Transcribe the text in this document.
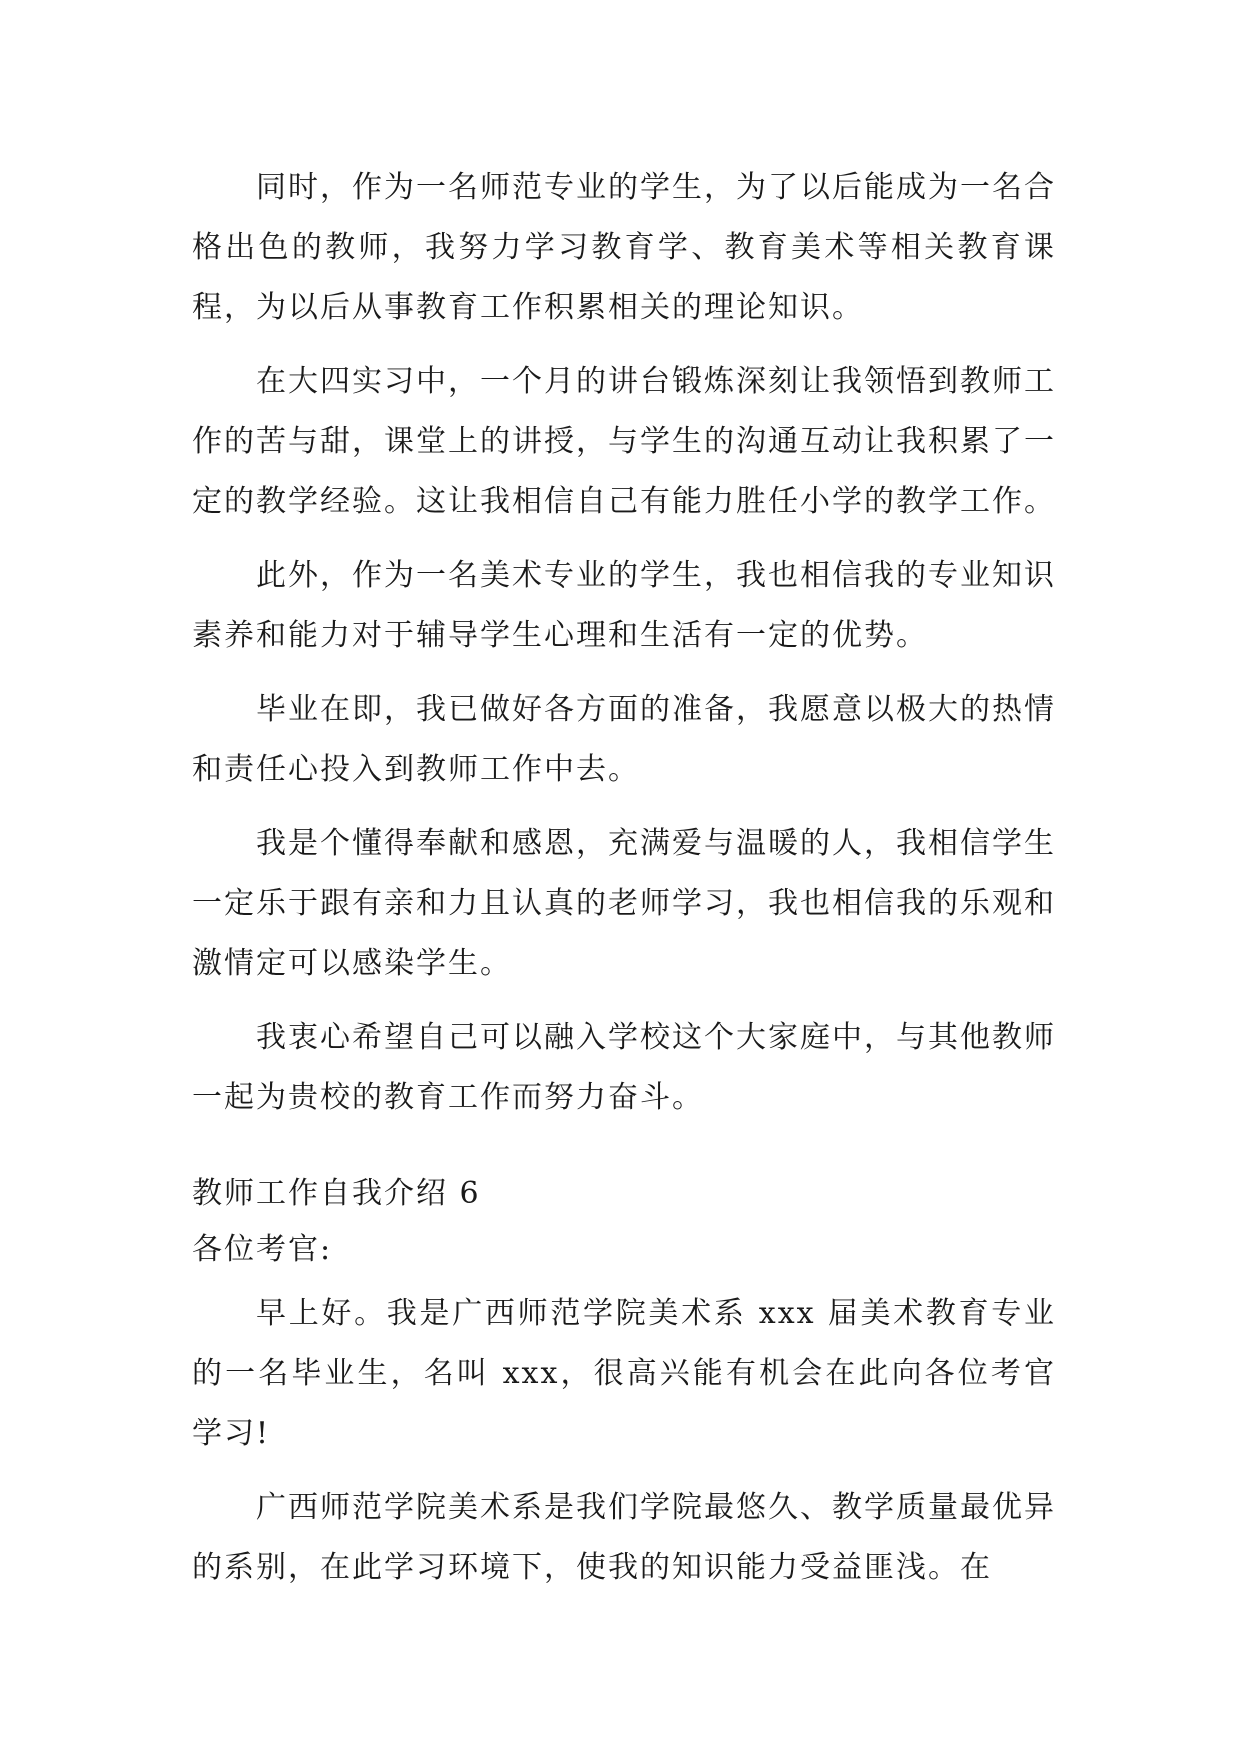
同时，作为一名师范专业的学生，为了以后能成为一名合格出色的教师，我努力学习教育学、教育美术等相关教育课程，为以后从事教育工作积累相关的理论知识。

在大四实习中，一个月的讲台锻炼深刻让我领悟到教师工作的苦与甜，课堂上的讲授，与学生的沟通互动让我积累了一定的教学经验。这让我相信自己有能力胜任小学的教学工作。

此外，作为一名美术专业的学生，我也相信我的专业知识素养和能力对于辅导学生心理和生活有一定的优势。

毕业在即，我已做好各方面的准备，我愿意以极大的热情和责任心投入到教师工作中去。

我是个懂得奉献和感恩，充满爱与温暖的人，我相信学生一定乐于跟有亲和力且认真的老师学习，我也相信我的乐观和激情定可以感染学生。

我衷心希望自己可以融入学校这个大家庭中，与其他教师一起为贵校的教育工作而努力奋斗。

教师工作自我介绍 6

各位考官:

早上好。我是广西师范学院美术系 xxx 届美术教育专业的一名毕业生，名叫 xxx，很高兴能有机会在此向各位考官学习!

广西师范学院美术系是我们学院最悠久、教学质量最优异的系别，在此学习环境下，使我的知识能力受益匪浅。在
